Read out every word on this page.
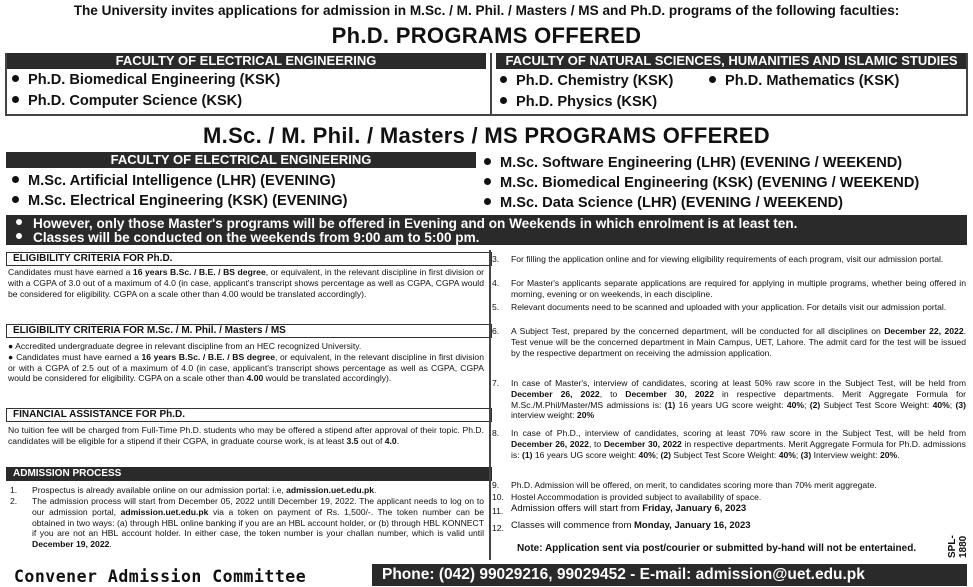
The University invites applications for admission in M.Sc. / M. Phil. / Masters / MS and Ph.D. programs of the following faculties:
Ph.D. PROGRAMS OFFERED
FACULTY OF ELECTRICAL ENGINEERING	FACULTY OF NATURAL SCIENCES, HUMANITIES AND ISLAMIC STUDIES
Ph.D. Biomedical Engineering (KSK)
Ph.D. Computer Science (KSK)
Ph.D. Chemistry (KSK)	Ph.D. Mathematics (KSK)
Ph.D. Physics (KSK)
M.Sc. / M. Phil. / Masters / MS PROGRAMS OFFERED
FACULTY OF ELECTRICAL ENGINEERING
M.Sc. Artificial Intelligence (LHR) (EVENING)
M.Sc. Electrical Engineering (KSK) (EVENING)
M.Sc. Software Engineering (LHR) (EVENING / WEEKEND)
M.Sc. Biomedical Engineering (KSK) (EVENING / WEEKEND)
M.Sc. Data Science (LHR) (EVENING / WEEKEND)
However, only those Master's programs will be offered in Evening and on Weekends in which enrolment is at least ten.
Classes will be conducted on the weekends from 9:00 am to 5:00 pm.
ELIGIBILITY CRITERIA FOR Ph.D.
Candidates must have earned a 16 years B.Sc. / B.E. / BS degree, or equivalent, in the relevant discipline in first division or with a CGPA of 3.0 out of a maximum of 4.0 (in case, applicant's transcript shows percentage as well as CGPA, CGPA would be considered for eligibility. CGPA on a scale other than 4.00 would be translated accordingly).
ELIGIBILITY CRITERIA FOR M.Sc. / M. Phil. / Masters / MS
● Accredited undergraduate degree in relevant discipline from an HEC recognized University.
● Candidates must have earned a 16 years B.Sc. / B.E. / BS degree, or equivalent, in the relevant discipline in first division or with a CGPA of 2.5 out of a maximum of 4.0 (in case, applicant's transcript shows percentage as well as CGPA, CGPA would be considered for eligibility. CGPA on a scale other than 4.00 would be translated accordingly).
FINANCIAL ASSISTANCE FOR Ph.D.
No tuition fee will be charged from Full-Time Ph.D. students who may be offered a stipend after approval of their topic. Ph.D. candidates will be eligible for a stipend if their CGPA, in graduate course work, is at least 3.5 out of 4.0.
ADMISSION PROCESS
1. Prospectus is already available online on our admission portal: i.e, admission.uet.edu.pk.
2. The admission process will start from December 05, 2022 untill December 19, 2022. The applicant needs to log on to our admission portal, admission.uet.edu.pk via a token on payment of Rs. 1,500/-. The token number can be obtained in two ways: (a) through HBL online banking if you are an HBL account holder, or (b) through HBL KONNECT if you are not an HBL account holder. In either case, the token number is your challan number, which is valid until December 19, 2022.
3. For filling the application online and for viewing eligibility requirements of each program, visit our admission portal.
4. For Master's applicants separate applications are required for applying in multiple programs, whether being offered in morning, evening or on weekends, in each discipline.
5. Relevant documents need to be scanned and uploaded with your application. For details visit our admission portal.
6. A Subject Test, prepared by the concerned department, will be conducted for all disciplines on December 22, 2022. Test venue will be the concerned department in Main Campus, UET, Lahore. The admit card for the test will be issued by the respective department on receiving the admission application.
7. In case of Master's, interview of candidates, scoring at least 50% raw score in the Subject Test, will be held from December 26, 2022, to December 30, 2022 in respective departments. Merit Aggregate Formula for M.Sc./M.Phil/Master/MS admissions is: (1) 16 years UG score weight: 40%; (2) Subject Test Score Weight: 40%; (3) interview weight: 20%
8. In case of Ph.D., interview of candidates, scoring at least 70% raw score in the Subject Test, will be held from December 26, 2022, to December 30, 2022 in respective departments. Merit Aggregate Formula for Ph.D. admissions is: (1) 16 years UG score weight: 40%; (2) Subject Test Score Weight: 40%; (3) Interview weight: 20%.
9. Ph.D. Admission will be offered, on merit, to candidates scoring more than 70% merit aggregate.
10. Hostel Accommodation is provided subject to availability of space.
11. Admission offers will start from Friday, January 6, 2023
12. Classes will commence from Monday, January 16, 2023
Note: Application sent via post/courier or submitted by-hand will not be entertained.	SPL-1880
Convener Admission Committee	Phone: (042) 99029216, 99029452 - E-mail: admission@uet.edu.pk
